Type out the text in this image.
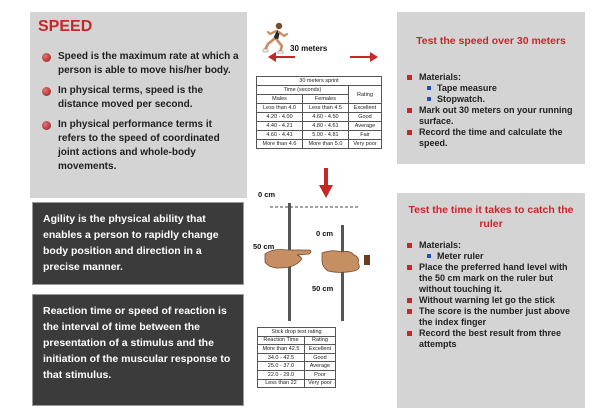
SPEED
Speed is the maximum rate at which a person is able to move his/her body.
In physical terms, speed is the distance moved per second.
In physical performance terms it refers to the speed of coordinated joint actions and whole-body movements.
Agility is the physical ability that enables a person to rapidly change body position and direction in a precise manner.
Reaction time or speed of reaction is the interval of time between the presentation of a stimulus and the initiation of the muscular response to that stimulus.
30 meters
30 meters sprint		
Time (seconds)		Rating
Males	Females	
Less than 4.0	Less than 4.5	Excellent
4.20 - 4.00	4.60 - 4.50	Good
4.40 - 4.21	4.80 - 4.61	Average
4.60 - 4.41	5.00 - 4.81	Fair
More than 4.6	More than 5.0	Very poor
0 cm
0 cm
50 cm
50 cm
Stick drop test rating	
Reaction Time	Rating
More than 42.5	Excellent
34.0 - 42.5	Good
25.0 - 37.0	Average
22.0 - 29.0	Poor
Less than 22	Very poor
Test the speed over 30 meters
Materials:
Tape measure
Stopwatch.
Mark out 30 meters on your running surface.
Record the time and calculate the speed.
Test the time it takes to catch the ruler
Materials:
Meter ruler
Place the preferred hand level with the 50 cm mark on the ruler but without touching it.
Without warning let go the stick
The score is the number just above the index finger
Record the best result from three attempts
